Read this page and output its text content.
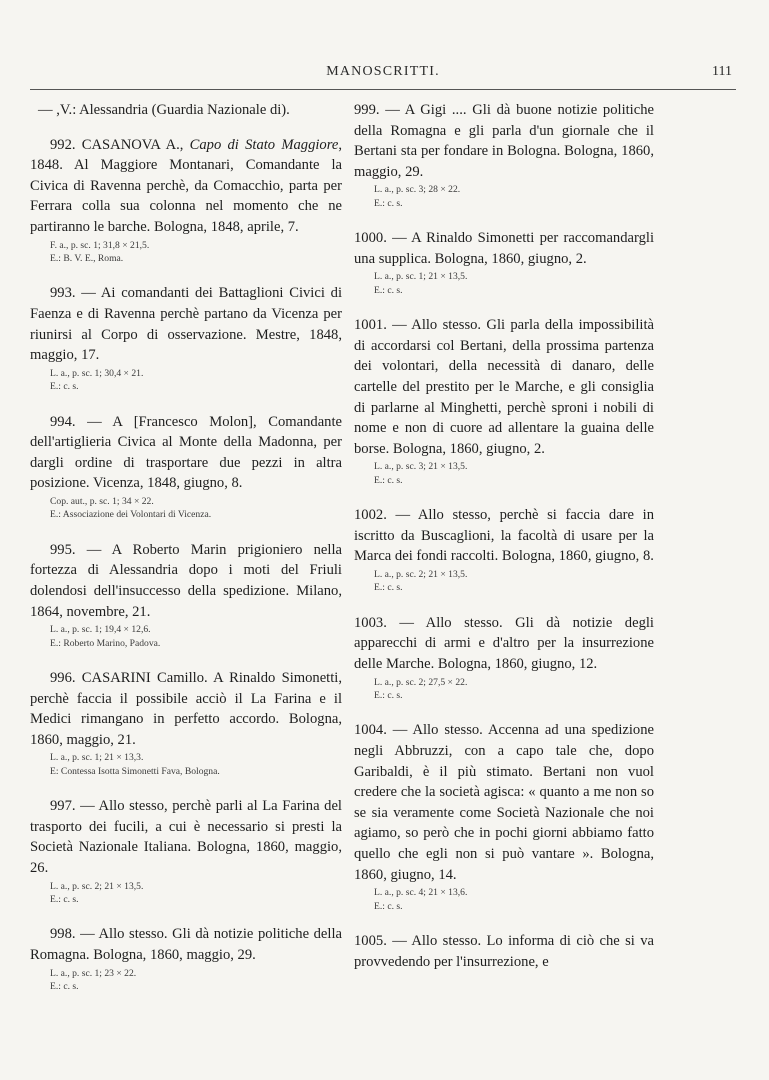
MANOSCRITTI.	111

— ,V.: Alessandria (Guardia Nazionale di).

992. CASANOVA A., Capo di Stato Maggiore, 1848. Al Maggiore Montanari, Comandante la Civica di Ravenna perchè, da Comacchio, parta per Ferrara colla sua colonna nel momento che ne partiranno le barche. Bologna, 1848, aprile, 7.

F. a., p. sc. 1; 31,8 × 21,5.
E.: B. V. E., Roma.

993. — Ai comandanti dei Battaglioni Civici di Faenza e di Ravenna perchè partano da Vicenza per riunirsi al Corpo di osservazione. Mestre, 1848, maggio, 17.

L. a., p. sc. 1; 30,4 × 21.
E.: c. s.

994. — A [Francesco Molon], Comandante dell'artiglieria Civica al Monte della Madonna, per dargli ordine di trasportare due pezzi in altra posizione. Vicenza, 1848, giugno, 8.

Cop. aut., p. sc. 1; 34 × 22.
E.: Associazione dei Volontari di Vicenza.

995. — A Roberto Marin prigioniero nella fortezza di Alessandria dopo i moti del Friuli dolendosi dell'insuccesso della spedizione. Milano, 1864, novembre, 21.

L. a., p. sc. 1; 19,4 × 12,6.
E.: Roberto Marino, Padova.

996. CASARINI Camillo. A Rinaldo Simonetti, perchè faccia il possibile acciò il La Farina e il Medici rimangano in perfetto accordo. Bologna, 1860, maggio, 21.

L. a., p. sc. 1; 21 × 13,3.
E: Contessa Isotta Simonetti Fava, Bologna.

997. — Allo stesso, perchè parli al La Farina del trasporto dei fucili, a cui è necessario si presti la Società Nazionale Italiana. Bologna, 1860, maggio, 26.

L. a., p. sc. 2; 21 × 13,5.
E.: c. s.

998. — Allo stesso. Gli dà notizie politiche della Romagna. Bologna, 1860, maggio, 29.

L. a., p. sc. 1; 23 × 22.
E.: c. s.

999. — A Gigi .... Gli dà buone notizie politiche della Romagna e gli parla d'un giornale che il Bertani sta per fondare in Bologna. Bologna, 1860, maggio, 29.

L. a., p. sc. 3; 28 × 22.
E.: c. s.

1000. — A Rinaldo Simonetti per raccomandargli una supplica. Bologna, 1860, giugno, 2.

L. a., p. sc. 1; 21 × 13,5.
E.: c. s.

1001. — Allo stesso. Gli parla della impossibilità di accordarsi col Bertani, della prossima partenza dei volontari, della necessità di danaro, delle cartelle del prestito per le Marche, e gli consiglia di parlarne al Minghetti, perchè sproni i nobili di nome e non di cuore ad allentare la guaina delle borse. Bologna, 1860, giugno, 2.

L. a., p. sc. 3; 21 × 13,5.
E.: c. s.

1002. — Allo stesso, perchè si faccia dare in iscritto da Buscaglioni, la facoltà di usare per la Marca dei fondi raccolti. Bologna, 1860, giugno, 8.

L. a., p. sc. 2; 21 × 13,5.
E.: c. s.

1003. — Allo stesso. Gli dà notizie degli apparecchi di armi e d'altro per la insurrezione delle Marche. Bologna, 1860, giugno, 12.

L. a., p. sc. 2; 27,5 × 22.
E.: c. s.

1004. — Allo stesso. Accenna ad una spedizione negli Abbruzzi, con a capo tale che, dopo Garibaldi, è il più stimato. Bertani non vuol credere che la società agisca: « quanto a me non so se sia veramente come Società Nazionale che noi agiamo, so però che in pochi giorni abbiamo fatto quello che egli non si può vantare ». Bologna, 1860, giugno, 14.

L. a., p. sc. 4; 21 × 13,6.
E.: c. s.

1005. — Allo stesso. Lo informa di ciò che si va provvedendo per l'insurrezione, e
